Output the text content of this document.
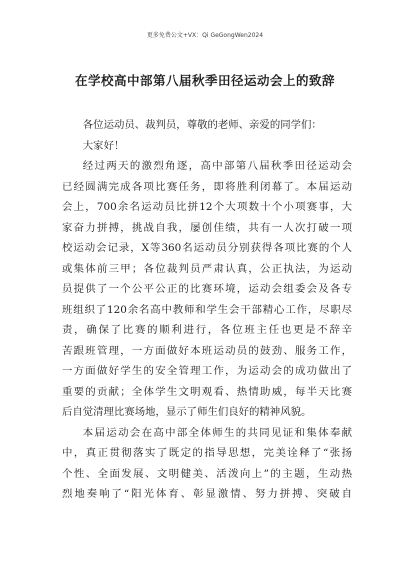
更多免费公文+VX：Qi GeGongWen2024
在学校高中部第八届秋季田径运动会上的致辞

各位运动员、裁判员，尊敬的老师、亲爱的同学们：

大家好！

经过两天的激烈角逐，高中部第八届秋季田径运动会

已经圆满完成各项比赛任务，即将胜利闭幕了。本届运动

会上，700余名运动员比拼12个大项数十个小项赛事，大

家奋力拼搏，挑战自我，屡创佳绩，共有一人次打破一项

校运动会记录，X等360名运动员分别获得各项比赛的个人

或集体前三甲；各位裁判员严肃认真，公正执法，为运动

员提供了一个公平公正的比赛环境，运动会组委会及各专

班组织了120余名高中教师和学生会干部精心工作，尽职尽

责，确保了比赛的顺利进行，各位班主任也更是不辞辛

苦跟班管理，一方面做好本班运动员的鼓劲、服务工作，

一方面做好学生的安全管理工作，为运动会的成功做出了

重要的贡献；全体学生文明观看、热情助威，每半天比赛

后自觉清理比赛场地，显示了师生们良好的精神风貌。

本届运动会在高中部全体师生的共同见证和集体奉献

中，真正贯彻落实了既定的指导思想，完美诠释了“张扬

个性、全面发展、文明健美、活泼向上”的主题，生动热

烈地奏响了“阳光体育、彰显激情、努力拼搏、突破自
